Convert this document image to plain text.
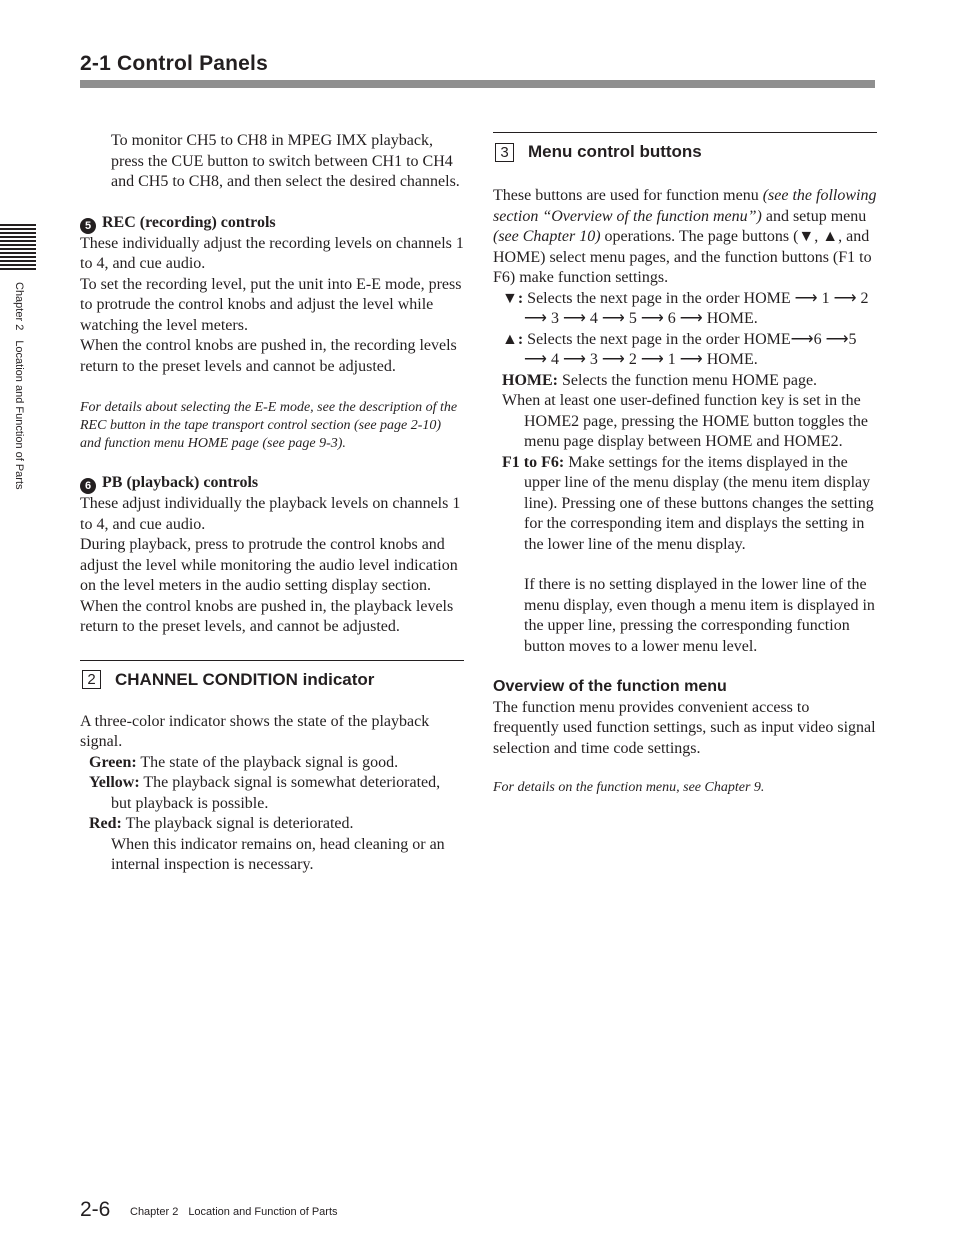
2-1 Control Panels
Chapter 2Location and Function of Parts

To monitor CH5 to CH8 in MPEG IMX playback, press the CUE button to switch between CH1 to CH4 and CH5 to CH8, and then select the desired channels.

5 REC (recording) controls

These individually adjust the recording levels on channels 1 to 4, and cue audio.

To set the recording level, put the unit into E-E mode, press to protrude the control knobs and adjust the level while watching the level meters.

When the control knobs are pushed in, the recording levels return to the preset levels and cannot be adjusted.

For details about selecting the E-E mode, see the description of the REC button in the tape transport control section (see page 2-10) and function menu HOME page (see page 9-3).

6 PB (playback) controls

These adjust individually the playback levels on channels 1 to 4, and cue audio.

During playback, press to protrude the control knobs and adjust the level while monitoring the audio level indication on the level meters in the audio setting display section.

When the control knobs are pushed in, the playback levels return to the preset levels, and cannot be adjusted.

2	CHANNEL CONDITION indicator

A three-color indicator shows the state of the playback signal.

Green: The state of the playback signal is good.

Yellow: The playback signal is somewhat deteriorated, but playback is possible.

Red: The playback signal is deteriorated.

When this indicator remains on, head cleaning or an internal inspection is necessary.

3	Menu control buttons

These buttons are used for function menu (see the following section “Overview of the function menu”) and setup menu (see Chapter 10) operations. The page buttons (▼, ▲, and HOME) select menu pages, and the function buttons (F1 to F6) make function settings.

▼: Selects the next page in the order HOME ⟶ 1 ⟶ 2 ⟶ 3 ⟶ 4 ⟶ 5 ⟶ 6 ⟶ HOME.

▲: Selects the next page in the order HOME⟶6 ⟶5 ⟶ 4 ⟶ 3 ⟶ 2 ⟶ 1 ⟶ HOME.

HOME: Selects the function menu HOME page.

When at least one user-defined function key is set in the HOME2 page, pressing the HOME button toggles the menu page display between HOME and HOME2.

F1 to F6: Make settings for the items displayed in the upper line of the menu display (the menu item display line). Pressing one of these buttons changes the setting for the corresponding item and displays the setting in the lower line of the menu display.

If there is no setting displayed in the lower line of the menu display, even though a menu item is displayed in the upper line, pressing the corresponding function button moves to a lower menu level.

Overview of the function menu

The function menu provides convenient access to frequently used function settings, such as input video signal selection and time code settings.

For details on the function menu, see Chapter 9.

2-6 Chapter 2 Location and Function of Parts
